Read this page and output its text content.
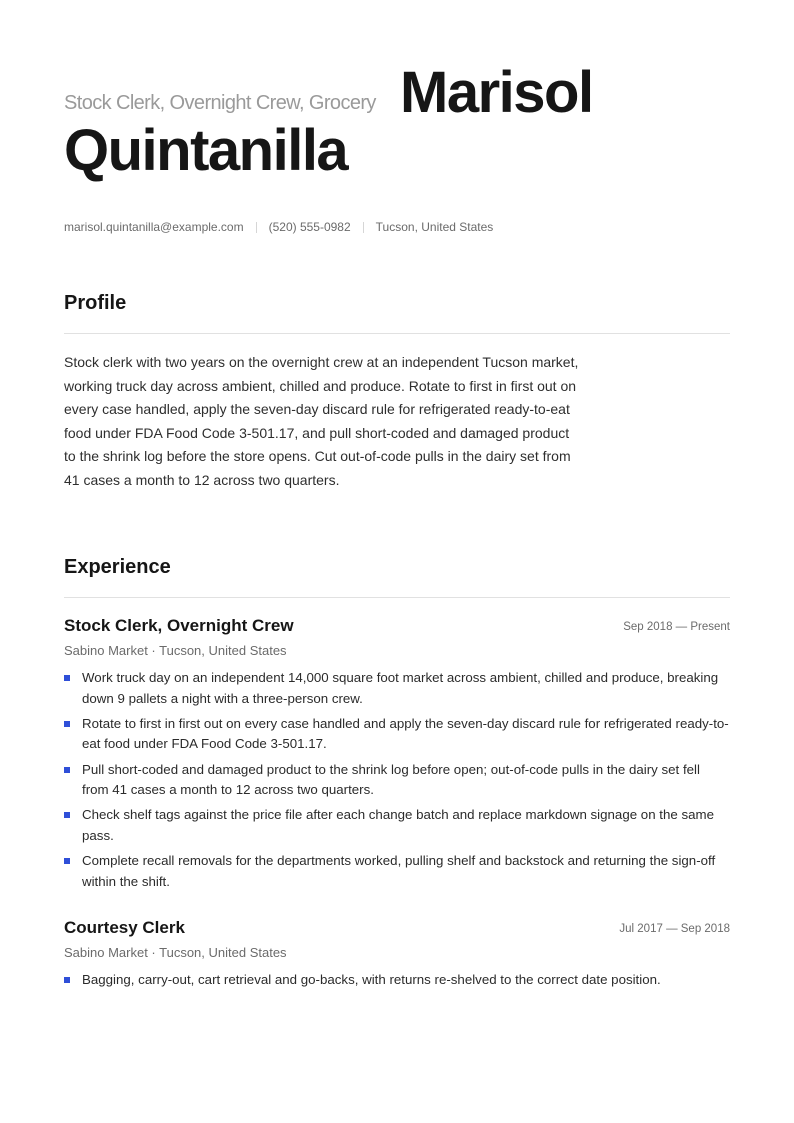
Stock Clerk, Overnight Crew, Grocery Marisol
Quintanilla
marisol.quintanilla@example.com (520) 555-0982 Tucson, United States
Profile
Stock clerk with two years on the overnight crew at an independent Tucson market, working truck day across ambient, chilled and produce. Rotate to first in first out on every case handled, apply the seven-day discard rule for refrigerated ready-to-eat food under FDA Food Code 3-501.17, and pull short-coded and damaged product to the shrink log before the store opens. Cut out-of-code pulls in the dairy set from 41 cases a month to 12 across two quarters.
Experience
Stock Clerk, Overnight Crew	Sep 2018 — Present
Sabino Market · Tucson, United States
Work truck day on an independent 14,000 square foot market across ambient, chilled and produce, breaking down 9 pallets a night with a three-person crew.
Rotate to first in first out on every case handled and apply the seven-day discard rule for refrigerated ready-to-eat food under FDA Food Code 3-501.17.
Pull short-coded and damaged product to the shrink log before open; out-of-code pulls in the dairy set fell from 41 cases a month to 12 across two quarters.
Check shelf tags against the price file after each change batch and replace markdown signage on the same pass.
Complete recall removals for the departments worked, pulling shelf and backstock and returning the sign-off within the shift.
Courtesy Clerk	Jul 2017 — Sep 2018
Sabino Market · Tucson, United States
Bagging, carry-out, cart retrieval and go-backs, with returns re-shelved to the correct date position.
